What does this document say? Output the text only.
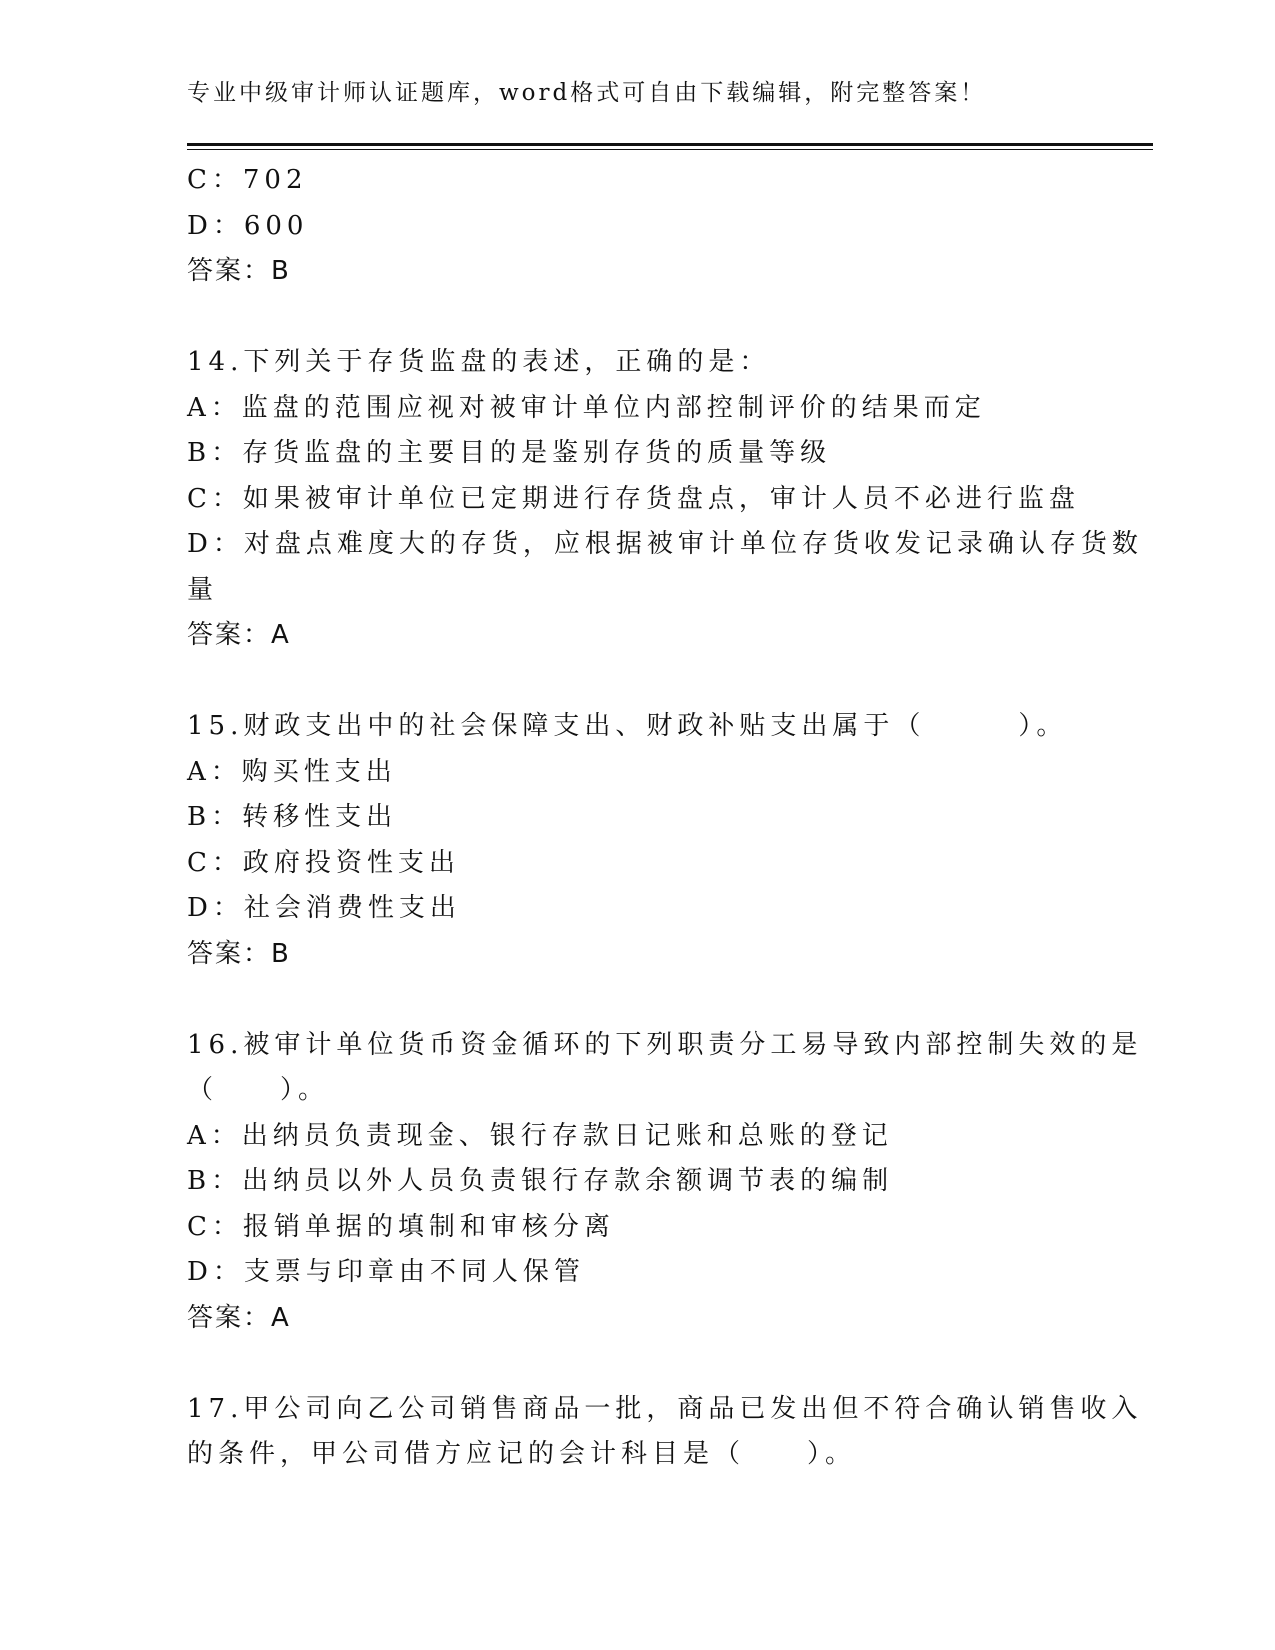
专业中级审计师认证题库，word格式可自由下载编辑，附完整答案！
C：702
D：600
答案：B
14.下列关于存货监盘的表述，正确的是：
A：监盘的范围应视对被审计单位内部控制评价的结果而定
B：存货监盘的主要目的是鉴别存货的质量等级
C：如果被审计单位已定期进行存货盘点，审计人员不必进行监盘
D：对盘点难度大的存货，应根据被审计单位存货收发记录确认存货数
量
答案：A
15.财政支出中的社会保障支出、财政补贴支出属于（　　　）。
A：购买性支出
B：转移性支出
C：政府投资性支出
D：社会消费性支出
答案：B
16.被审计单位货币资金循环的下列职责分工易导致内部控制失效的是
（　　）。
A：出纳员负责现金、银行存款日记账和总账的登记
B：出纳员以外人员负责银行存款余额调节表的编制
C：报销单据的填制和审核分离
D：支票与印章由不同人保管
答案：A
17.甲公司向乙公司销售商品一批，商品已发出但不符合确认销售收入
的条件，甲公司借方应记的会计科目是（　　）。
